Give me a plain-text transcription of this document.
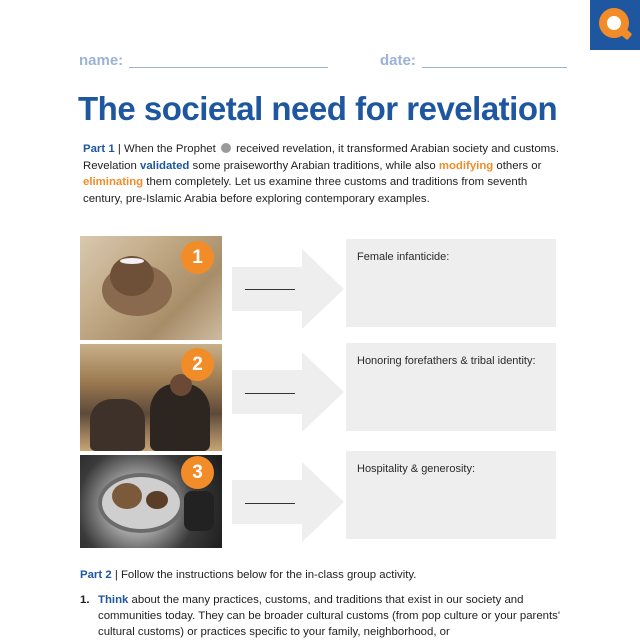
name:	date:
The societal need for revelation
Part 1 | When the Prophet  received revelation, it transformed Arabian society and customs. Revelation validated some praiseworthy Arabian traditions, while also modifying others or eliminating them completely. Let us examine three customs and traditions from seventh century, pre-Islamic Arabia before exploring contemporary examples.
1	Female infanticide:
2	Honoring forefathers & tribal identity:
3	Hospitality & generosity:
Part 2 | Follow the instructions below for the in-class group activity.
1. Think about the many practices, customs, and traditions that exist in our society and communities today. They can be broader cultural customs (from pop culture or your parents' cultural customs) or practices specific to your family, neighborhood, or
